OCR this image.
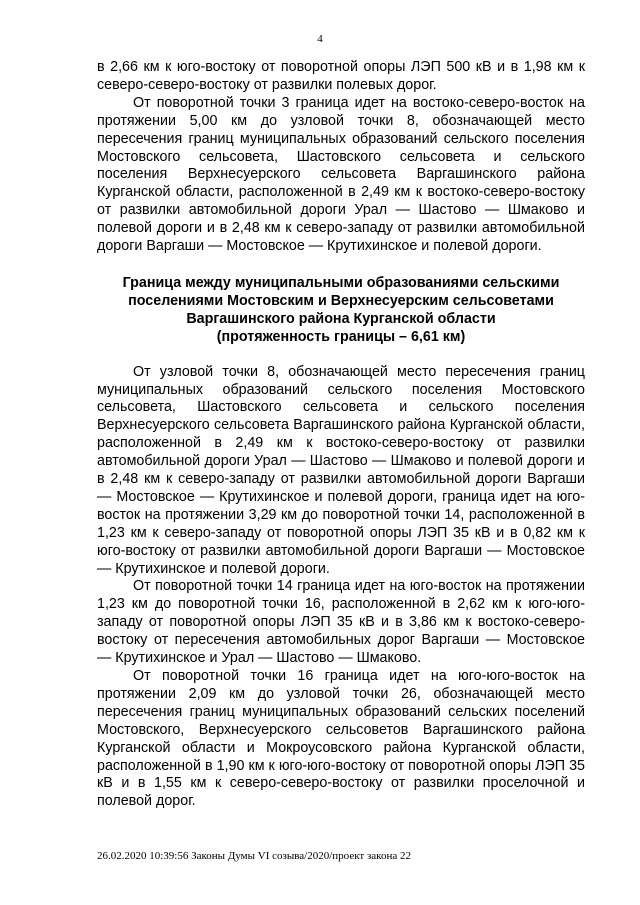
4

в 2,66 км к юго-востоку от поворотной опоры ЛЭП 500 кВ и в 1,98 км к северо-северо-востоку от развилки полевых дорог.

От поворотной точки 3 граница идет на востоко-северо-восток на протяжении 5,00 км до узловой точки 8, обозначающей место пересечения границ муниципальных образований сельского поселения Мостовского сельсовета, Шастовского сельсовета и сельского поселения Верхнесуерского сельсовета Варгашинского района Курганской области, расположенной в 2,49 км к востоко-северо-востоку от развилки автомобильной дороги Урал — Шастово — Шмаково и полевой дороги и в 2,48 км к северо-западу от развилки автомобильной дороги Варгаши — Мостовское — Крутихинское и полевой дороги.

Граница между муниципальными образованиями сельскими
поселениями Мостовским и Верхнесуерским сельсоветами
Варгашинского района Курганской области
(протяженность границы – 6,61 км)

От узловой точки 8, обозначающей место пересечения границ муниципальных образований сельского поселения Мостовского сельсовета, Шастовского сельсовета и сельского поселения Верхнесуерского сельсовета Варгашинского района Курганской области, расположенной в 2,49 км к востоко-северо-востоку от развилки автомобильной дороги Урал — Шастово — Шмаково и полевой дороги и в 2,48 км к северо-западу от развилки автомобильной дороги Варгаши — Мостовское — Крутихинское и полевой дороги, граница идет на юго-восток на протяжении 3,29 км до поворотной точки 14, расположенной в 1,23 км к северо-западу от поворотной опоры ЛЭП 35 кВ и в 0,82 км к юго-востоку от развилки автомобильной дороги Варгаши — Мостовское — Крутихинское и полевой дороги.

От поворотной точки 14 граница идет на юго-восток на протяжении 1,23 км до поворотной точки 16, расположенной в 2,62 км к юго-юго-западу от поворотной опоры ЛЭП 35 кВ и в 3,86 км к востоко-северо-востоку от пересечения автомобильных дорог Варгаши — Мостовское — Крутихинское и Урал — Шастово — Шмаково.

От поворотной точки 16 граница идет на юго-юго-восток на протяжении 2,09 км до узловой точки 26, обозначающей место пересечения границ муниципальных образований сельских поселений Мостовского, Верхнесуерского сельсоветов Варгашинского района Курганской области и Мокроусовского района Курганской области, расположенной в 1,90 км к юго-юго-востоку от поворотной опоры ЛЭП 35 кВ и в 1,55 км к северо-северо-востоку от развилки проселочной и полевой дорог.

26.02.2020 10:39:56 Законы Думы VI созыва/2020/проект закона 22
